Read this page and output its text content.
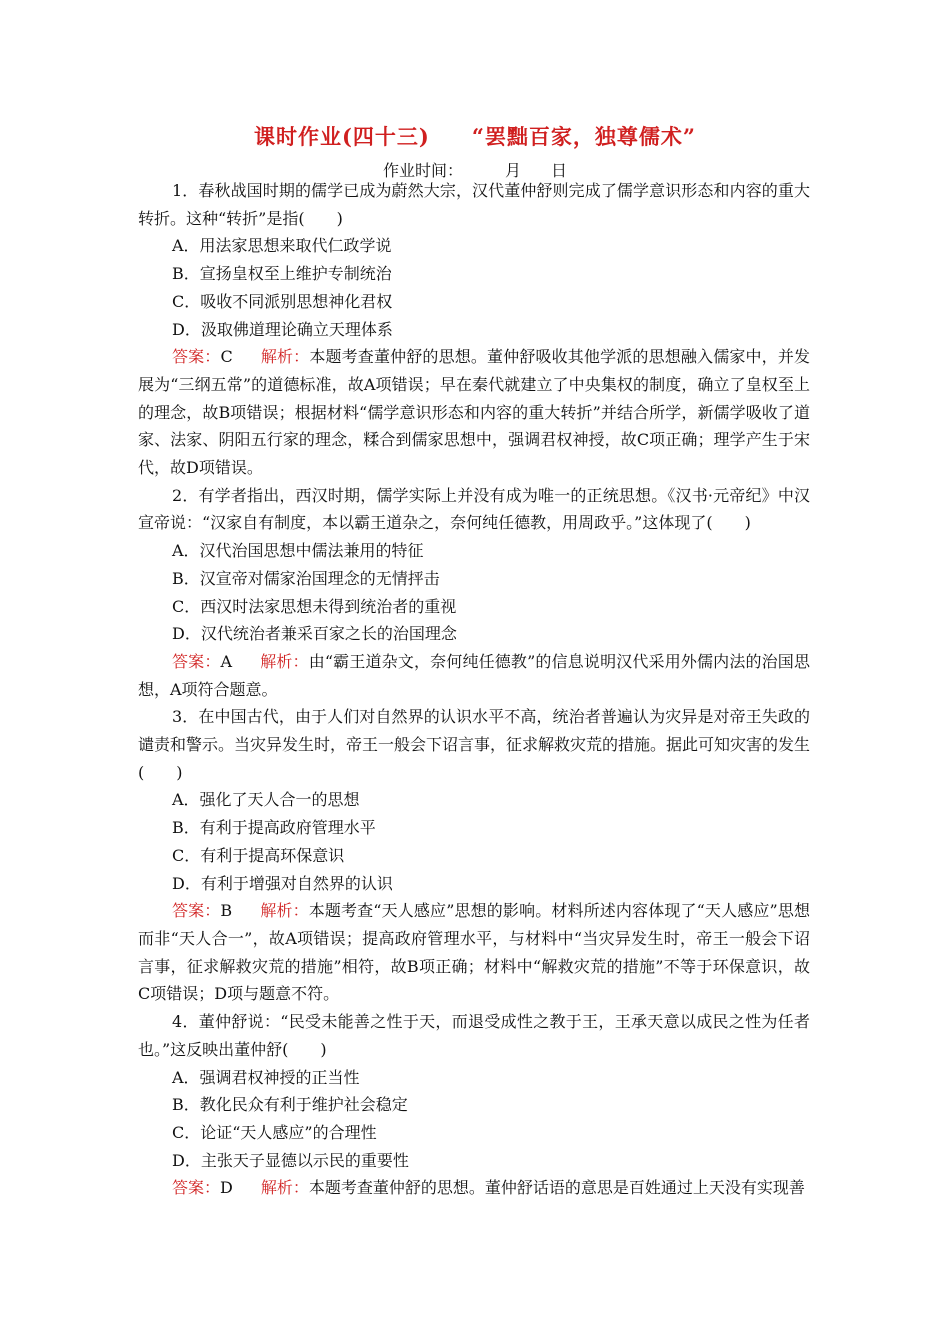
课时作业(四十三) “罢黜百家，独尊儒术”
作业时间：	月 日

1．春秋战国时期的儒学已成为蔚然大宗，汉代董仲舒则完成了儒学意识形态和内容的重大转折。这种“转折”是指(　　)

A．用法家思想来取代仁政学说

B．宣扬皇权至上维护专制统治

C．吸收不同派别思想神化君权

D．汲取佛道理论确立天理体系

答案：C 解析：本题考查董仲舒的思想。董仲舒吸收其他学派的思想融入儒家中，并发展为“三纲五常”的道德标准，故A项错误；早在秦代就建立了中央集权的制度，确立了皇权至上的理念，故B项错误；根据材料“儒学意识形态和内容的重大转折”并结合所学，新儒学吸收了道家、法家、阴阳五行家的理念，糅合到儒家思想中，强调君权神授，故C项正确；理学产生于宋代，故D项错误。

2．有学者指出，西汉时期，儒学实际上并没有成为唯一的正统思想。《汉书·元帝纪》中汉宣帝说：“汉家自有制度，本以霸王道杂之，奈何纯任德教，用周政乎。”这体现了(　　)

A．汉代治国思想中儒法兼用的特征

B．汉宣帝对儒家治国理念的无情抨击

C．西汉时法家思想未得到统治者的重视

D．汉代统治者兼采百家之长的治国理念

答案：A 解析：由“霸王道杂文，奈何纯任德教”的信息说明汉代采用外儒内法的治国思想，A项符合题意。

3．在中国古代，由于人们对自然界的认识水平不高，统治者普遍认为灾异是对帝王失政的谴责和警示。当灾异发生时，帝王一般会下诏言事，征求解救灾荒的措施。据此可知灾害的发生(　　)

A．强化了天人合一的思想

B．有利于提高政府管理水平

C．有利于提高环保意识

D．有利于增强对自然界的认识

答案：B 解析：本题考查“天人感应”思想的影响。材料所述内容体现了“天人感应”思想而非“天人合一”，故A项错误；提高政府管理水平，与材料中“当灾异发生时，帝王一般会下诏言事，征求解救灾荒的措施”相符，故B项正确；材料中“解救灾荒的措施”不等于环保意识，故C项错误；D项与题意不符。

4．董仲舒说：“民受未能善之性于天，而退受成性之教于王，王承天意以成民之性为任者也。”这反映出董仲舒(　　)

A．强调君权神授的正当性

B．教化民众有利于维护社会稳定

C．论证“天人感应”的合理性

D．主张天子显德以示民的重要性

答案：D 解析：本题考查董仲舒的思想。董仲舒话语的意思是百姓通过上天没有实现善
